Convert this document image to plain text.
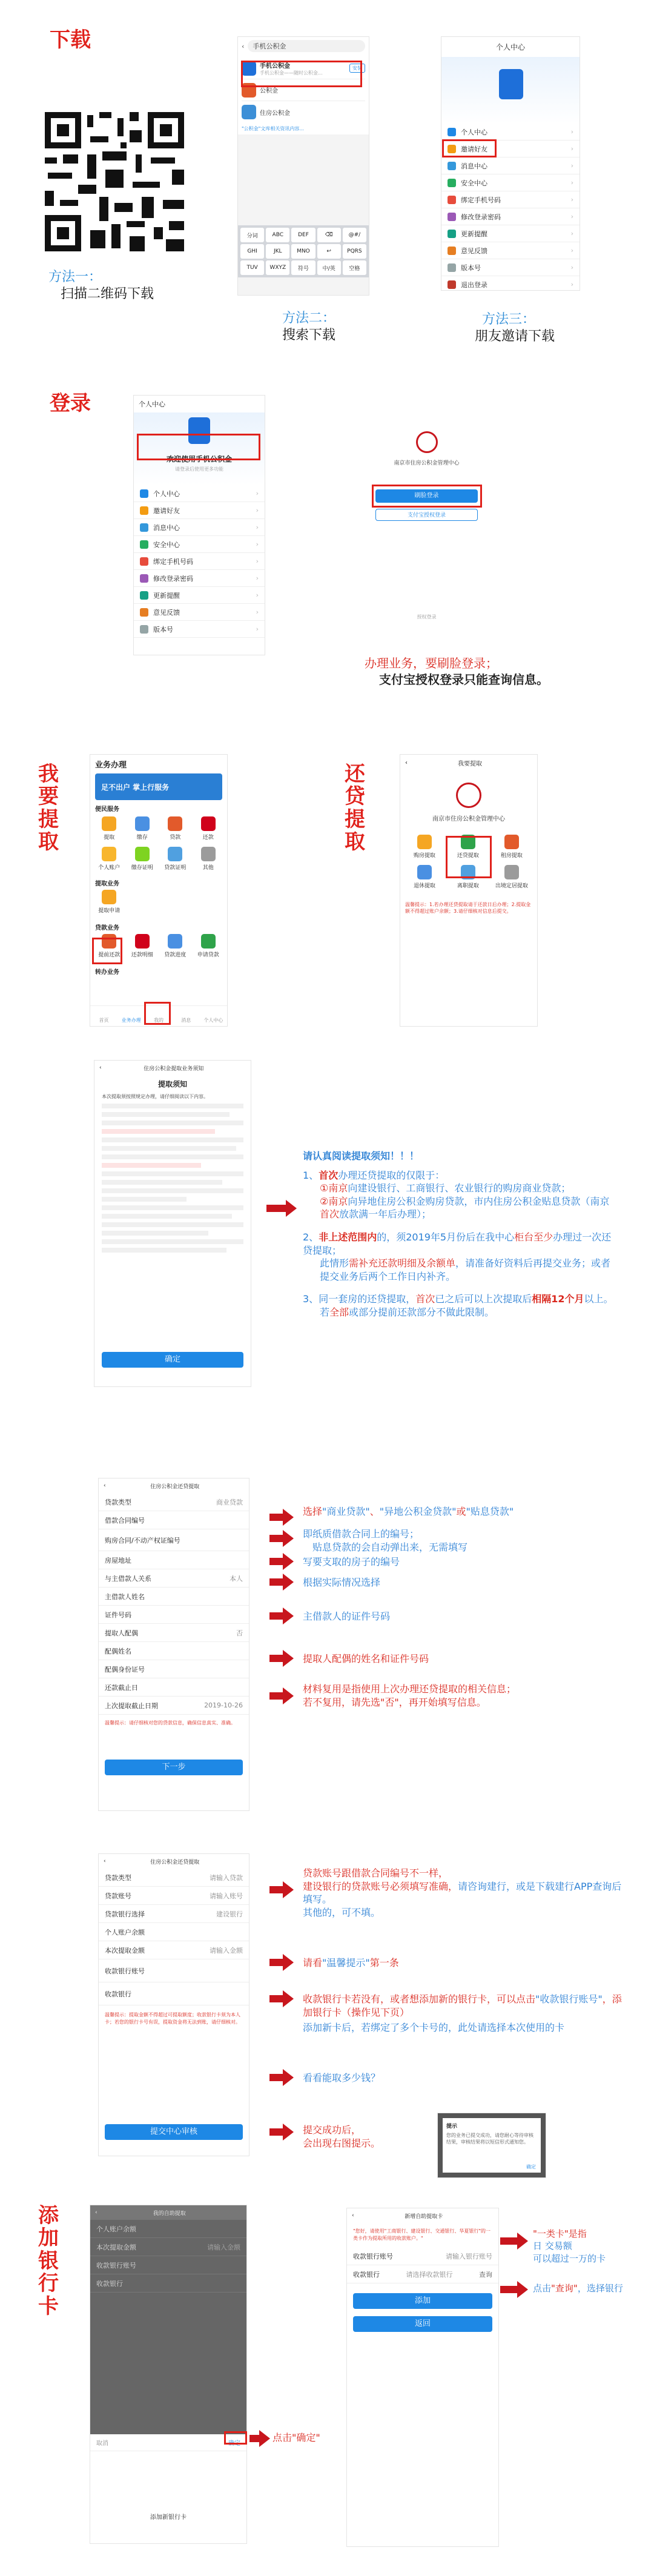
下载
方法一：
扫描二维码下载
‹	手机公积金
手机公积金
手机公积金——随时公积金...
安装
公积金
住房公积金
"公积金"文库相关资讯内容...
分词	ABC	DEF	⌫	@#/
GHI	JKL	MNO	↩	PQRS
TUV	WXYZ	符号	中/英	空格
方法二：
搜索下载
个人中心
个人中心	›
邀请好友	›
消息中心	›
安全中心	›
绑定手机号码	›
修改登录密码	›
更新提醒	›
意见反馈	›
版本号	›
退出登录	›
方法三：
朋友邀请下载
登录	个人中心
欢迎使用手机公积金
请登录后使用更多功能
个人中心	›
邀请好友	›
消息中心	›
安全中心	›
绑定手机号码	›
修改登录密码	›
更新提醒	›
意见反馈	›
版本号	›
南京市住房公积金管理中心
刷脸登录
支付宝授权登录
授权登录
办理业务，要刷脸登录；
支付宝授权登录只能查询信息。
我要提取
业务办理
足不出户 掌上行服务
便民服务
提取	缴存	贷款	还款

个人账户 缴存证明 贷款证明	其他
提取业务
提取申请
贷款业务
提前还款 还款明细 贷款进度 申请贷款
转办业务
首页	业务办理	我的	消息	个人中心
还贷提取
‹	我要提取
南京市住房公积金管理中心
购房提取	还贷提取	租房提取
退休提取	离职提取	出境定居提取
温馨提示：1.若办理还贷提取请于还款日后办理；2.提取金额不得超过账户余额；3.请仔细核对信息后提交。
‹	住房公积金提取业务须知
提取须知
本次提取须按照规定办理，请仔细阅读以下内容。
确定
请认真阅读提取须知！！！
1、首次办理还贷提取的仅限于：
①南京向建设银行、工商银行、农业银行的购房商业贷款；
②南京向异地住房公积金购房贷款，市内住房公积金贴息贷款（南京首次放款满一年后办理）；
2、非上述范围内的，须2019年5月份后在我中心柜台至少办理过一次还贷提取；
此情形需补充还款明细及余额单，请准备好资料后再提交业务；或者提交业务后两个工作日内补齐。
3、同一套房的还贷提取，首次已之后可以上次提取后相隔12个月以上。
若全部或部分提前还款部分不做此限制。
‹	住房公积金还贷提取
贷款类型	商业贷款
借款合同编号
购房合同/不动产权证编号
房屋地址
与主借款人关系	本人
主借款人姓名
证件号码
提取人配偶	否
配偶姓名
配偶身份证号
还款截止日
上次提取截止日期	2019-10-26
温馨提示：请仔细核对您的贷款信息，确保信息真实、准确。
下一步
选择"商业贷款"、"异地公积金贷款"或"贴息贷款"
即纸质借款合同上的编号；
贴息贷款的会自动弹出来，无需填写
写要支取的房子的编号
根据实际情况选择
主借款人的证件号码
提取人配偶的姓名和证件号码
材料复用是指使用上次办理还贷提取的相关信息；
若不复用，请先选"否"，再开始填写信息。
‹	住房公积金还贷提取
贷款类型	请输入贷款
贷款账号	请输入账号
贷款银行选择	建设银行
个人账户余额
本次提取金额	请输入金额
收款银行账号
收款银行
温馨提示：提取金额不得超过可提取额度；收款银行卡须为本人卡；若您的银行卡号有误，提取资金将无法到账，请仔细核对。
提交中心审核
贷款账号跟借款合同编号不一样，
建设银行的贷款账号必须填写准确，请咨询建行，或是下载建行APP查询后填写。
其他的，可不填。
请看"温馨提示"第一条
收款银行卡若没有，或者想添加新的银行卡，可以点击"收款银行账号"，添加银行卡（操作见下页）
添加新卡后，若绑定了多个卡号的，此处请选择本次使用的卡
看看能取多少钱？
提交成功后，
会出现右图提示。
提示
您的业务已提交成功，请您耐心等待审核结果，审核结果将以短信形式通知您。
确定
添加银行卡
‹	我的自助提取
个人账户余额
本次提取金额	请输入金额
收款银行账号
收款银行
取消	确定
添加新银行卡
点击"确定"
‹	新增自助提取卡
"您好，请使用"工商银行、建设银行、交通银行、华夏银行"的一类卡作为提取所用的收款账户。"
收款银行账号	请输入银行账号
收款银行	请选择收款银行	查询
添加
返回
"一类卡"是指
日 交易额
可以超过一万的卡
点击"查询"，选择银行
